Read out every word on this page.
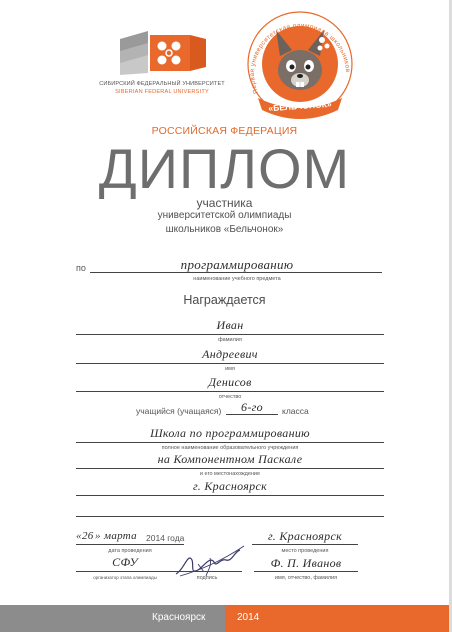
СИБИРСКИЙ ФЕДЕРАЛЬНЫЙ УНИВЕРСИТЕТ
SIBERIAN FEDERAL UNIVERSITY	Первая университетская олимпиада школьников
«БЕЛЬЧОНОК»
РОССИЙСКАЯ ФЕДЕРАЦИЯ
ДИПЛОМ
участника
университетской олимпиады
школьников «Бельчонок»
по	программированию
наименование учебного предмета
Награждается
Иван
фамилия
Андреевич
имя
Денисов
отчество
учащийся (учащаяся)	6-го	класса
Школа по программированию
полное наименование образовательного учреждения
на Компонентном Паскале
и его местонахождение
г. Красноярск
« 26 » марта 2014 года
дата проведения
г. Красноярск
место проведения
СФУ
организатор этапа олимпиады	подпись
Ф. П. Иванов
имя, отчество, фамилия
Красноярск	2014
